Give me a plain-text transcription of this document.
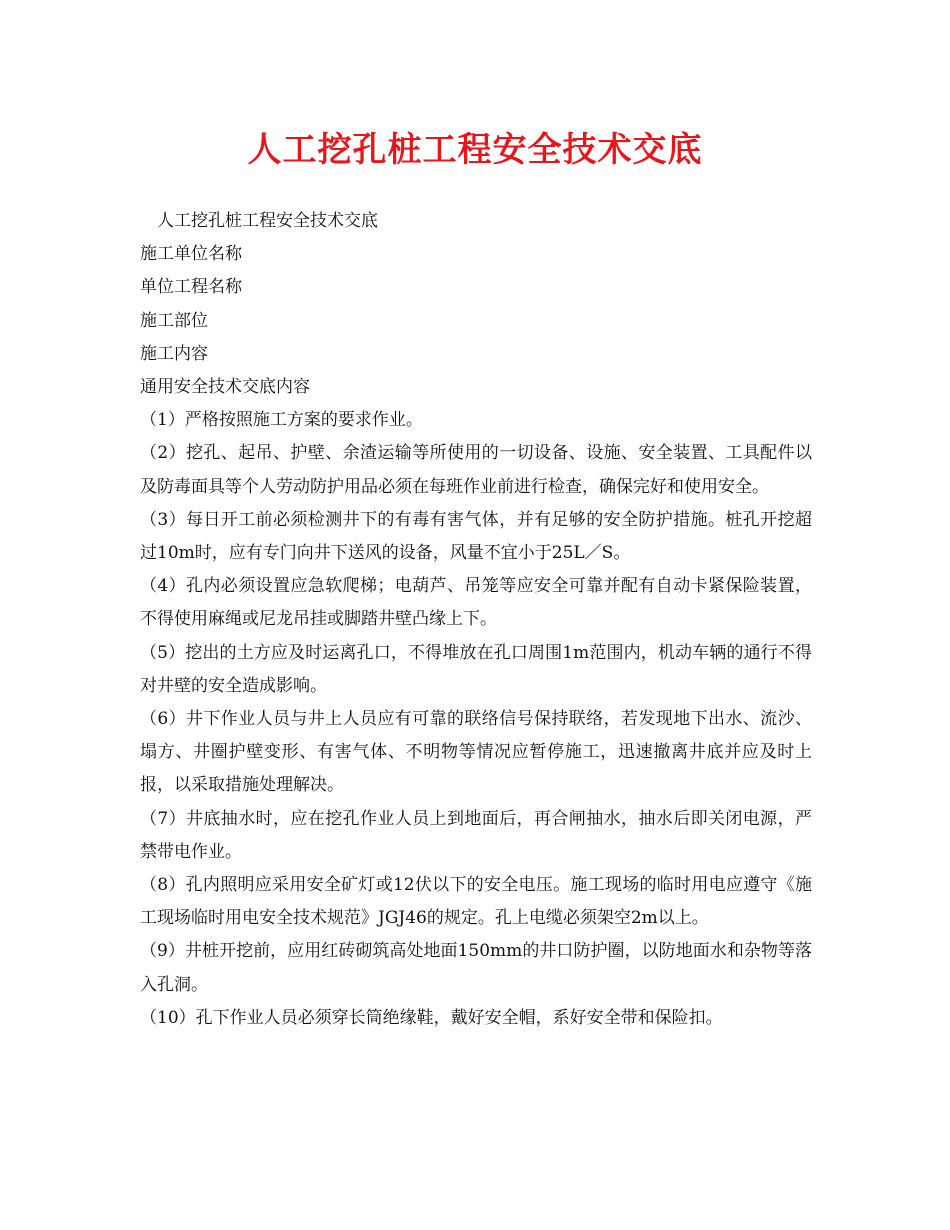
人工挖孔桩工程安全技术交底

人工挖孔桩工程安全技术交底

施工单位名称

单位工程名称

施工部位

施工内容

通用安全技术交底内容

（1）严格按照施工方案的要求作业。

（2）挖孔、起吊、护壁、余渣运输等所使用的一切设备、设施、安全装置、工具配件以及防毒面具等个人劳动防护用品必须在每班作业前进行检查，确保完好和使用安全。

（3）每日开工前必须检测井下的有毒有害气体，并有足够的安全防护措施。桩孔开挖超过10m时，应有专门向井下送风的设备，风量不宜小于25L／S。

（4）孔内必须设置应急软爬梯；电葫芦、吊笼等应安全可靠并配有自动卡紧保险装置，不得使用麻绳或尼龙吊挂或脚踏井壁凸缘上下。

（5）挖出的土方应及时运离孔口，不得堆放在孔口周围1m范围内，机动车辆的通行不得对井壁的安全造成影响。

（6）井下作业人员与井上人员应有可靠的联络信号保持联络，若发现地下出水、流沙、塌方、井圈护壁变形、有害气体、不明物等情况应暂停施工，迅速撤离井底并应及时上报，以采取措施处理解决。

（7）井底抽水时，应在挖孔作业人员上到地面后，再合闸抽水，抽水后即关闭电源，严禁带电作业。

（8）孔内照明应采用安全矿灯或12伏以下的安全电压。施工现场的临时用电应遵守《施工现场临时用电安全技术规范》JGJ46的规定。孔上电缆必须架空2m以上。

（9）井桩开挖前，应用红砖砌筑高处地面150mm的井口防护圈，以防地面水和杂物等落入孔洞。

（10）孔下作业人员必须穿长筒绝缘鞋，戴好安全帽，系好安全带和保险扣。
